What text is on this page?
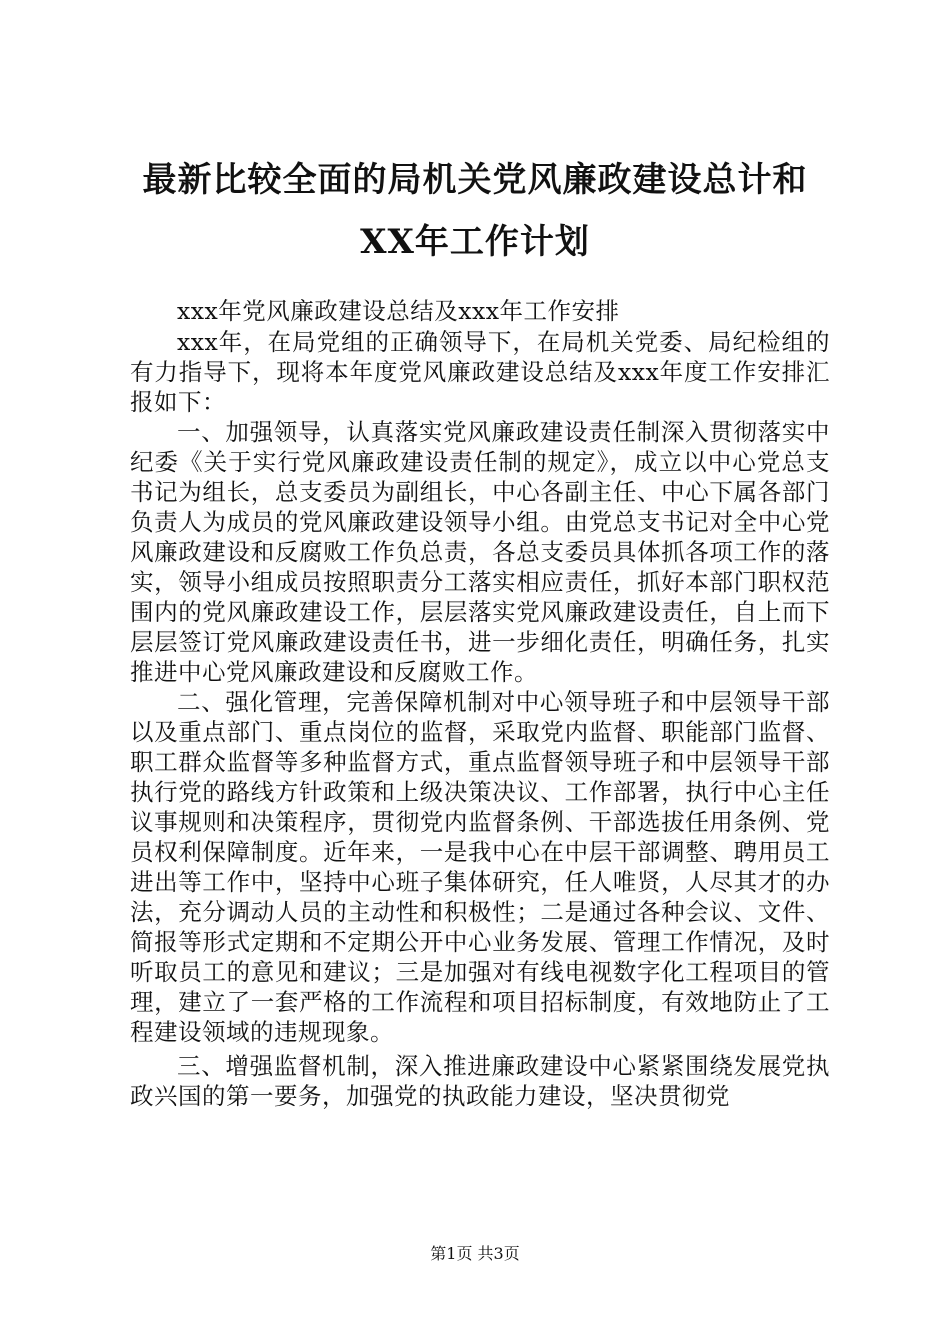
最新比较全面的局机关党风廉政建设总计和
XX年工作计划

xxx年党风廉政建设总结及xxx年工作安排

xxx年，在局党组的正确领导下，在局机关党委、局纪检组的有力指导下，现将本年度党风廉政建设总结及xxx年度工作安排汇报如下：

一、加强领导，认真落实党风廉政建设责任制深入贯彻落实中纪委《关于实行党风廉政建设责任制的规定》，成立以中心党总支书记为组长，总支委员为副组长，中心各副主任、中心下属各部门负责人为成员的党风廉政建设领导小组。由党总支书记对全中心党风廉政建设和反腐败工作负总责，各总支委员具体抓各项工作的落实，领导小组成员按照职责分工落实相应责任，抓好本部门职权范围内的党风廉政建设工作，层层落实党风廉政建设责任，自上而下层层签订党风廉政建设责任书，进一步细化责任，明确任务，扎实推进中心党风廉政建设和反腐败工作。

二、强化管理，完善保障机制对中心领导班子和中层领导干部以及重点部门、重点岗位的监督，采取党内监督、职能部门监督、职工群众监督等多种监督方式，重点监督领导班子和中层领导干部执行党的路线方针政策和上级决策决议、工作部署，执行中心主任议事规则和决策程序，贯彻党内监督条例、干部选拔任用条例、党员权利保障制度。近年来，一是我中心在中层干部调整、聘用员工进出等工作中，坚持中心班子集体研究，任人唯贤，人尽其才的办法，充分调动人员的主动性和积极性；二是通过各种会议、文件、简报等形式定期和不定期公开中心业务发展、管理工作情况，及时听取员工的意见和建议；三是加强对有线电视数字化工程项目的管理，建立了一套严格的工作流程和项目招标制度，有效地防止了工程建设领域的违规现象。

三、增强监督机制，深入推进廉政建设中心紧紧围绕发展党执政兴国的第一要务，加强党的执政能力建设，坚决贯彻党

第1页 共3页
